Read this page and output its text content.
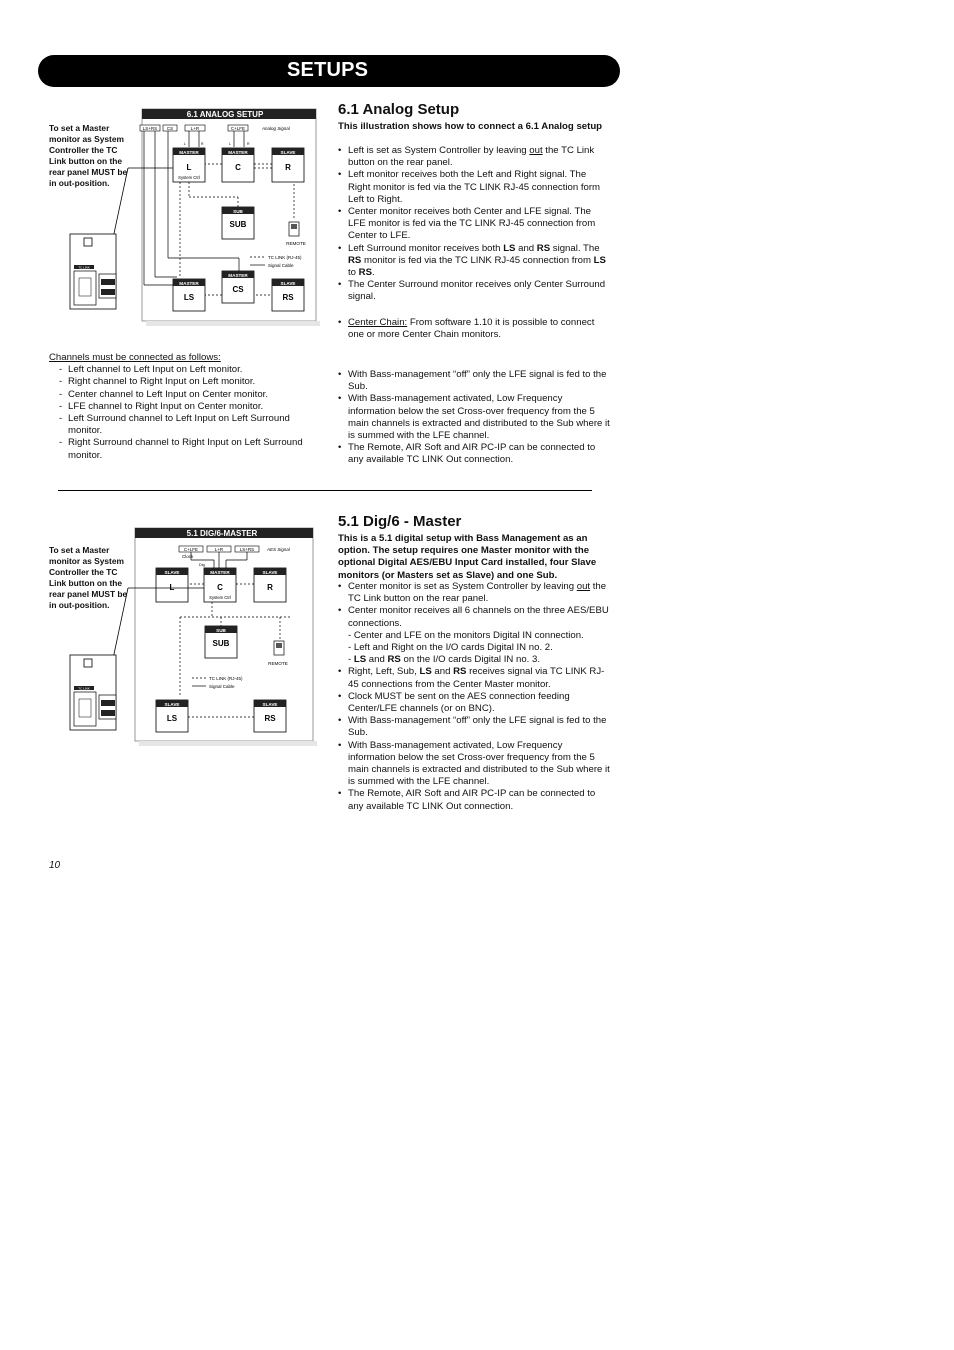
SETUPS
6.1 Analog Setup
This illustration shows how to connect a 6.1 Analog setup
• Left is set as System Controller by leaving out the TC Link button on the rear panel.
• Left monitor receives both the Left and Right signal. The Right monitor is fed via the TC LINK RJ-45 connection form Left to Right.
• Center monitor receives both Center and LFE signal. The LFE monitor is fed via the TC LINK RJ-45 connection from Center to LFE.
• Left Surround monitor receives both LS and RS signal. The RS monitor is fed via the TC LINK RJ-45 connection from LS to RS.
• The Center Surround monitor receives only Center Surround signal.
• Center Chain: From software 1.10 it is possible to connect one or more Center Chain monitors.
• With Bass-management “off” only the LFE signal is fed to the Sub.
• With Bass-management activated, Low Frequency information below the set Cross-over frequency from the 5 main channels is extracted and distributed to the Sub where it is summed with the LFE channel.
• The Remote, AIR Soft and AIR PC-IP can be connected to any available TC LINK Out connection.
To set a Master monitor as System Controller the TC Link button on the rear panel MUST be in out-position.
6.1 ANALOG SETUP
LS+RS CS	L+R	C+LFE	Analog Signal
MASTER
L
System Ctrl
MASTER
C
SLAVE
R
SUB
SUB
REMOTE
MASTER
LS
MASTER
CS
SLAVE
RS
TC LINK (RJ-45)
Signal Cable
L	R	L	R
TC LINK
Channels must be connected as follows:
- Left channel to Left Input on Left monitor.
- Right channel to Right Input on Left monitor.
- Center channel to Left Input on Center monitor.
- LFE channel to Right Input on Center monitor.
- Left Surround channel to Left Input on Left Surround monitor.
- Right Surround channel to Right Input on Left Surround monitor.
5.1 Dig/6 - Master
This is a 5.1 digital setup with Bass Management as an option. The setup requires one Master monitor with the optional Digital AES/EBU Input Card installed, four Slave monitors (or Masters set as Slave) and one Sub.
• Center monitor is set as System Controller by leaving out the TC Link button on the rear panel.
• Center monitor receives all 6 channels on the three AES/EBU connections.
- Center and LFE on the monitors Digital IN connection.
- Left and Right on the I/O cards Digital IN no. 2.
- LS and RS on the I/O cards Digital IN no. 3.
• Right, Left, Sub, LS and RS receives signal via TC LINK RJ-45 connections from the Center Master monitor.
• Clock MUST be sent on the AES connection feeding Center/LFE channels (or on BNC).
• With Bass-management “off” only the LFE signal is fed to the Sub.
• With Bass-management activated, Low Frequency information below the set Cross-over frequency from the 5 main channels is extracted and distributed to the Sub where it is summed with the LFE channel.
• The Remote, AIR Soft and AIR PC-IP can be connected to any available TC LINK Out connection.
To set a Master monitor as System Controller the TC Link button on the rear panel MUST be in out-position.
5.1 DIG/6-MASTER
C+LFE	L+R	LS+RS	AES Signal
Clock
Dig
SLAVE
L
MASTER
C
System Ctrl
SLAVE
R
SUB
SUB
REMOTE
SLAVE
LS
SLAVE
RS
TC LINK (RJ-45)
Signal Cable
TC LINK
10
